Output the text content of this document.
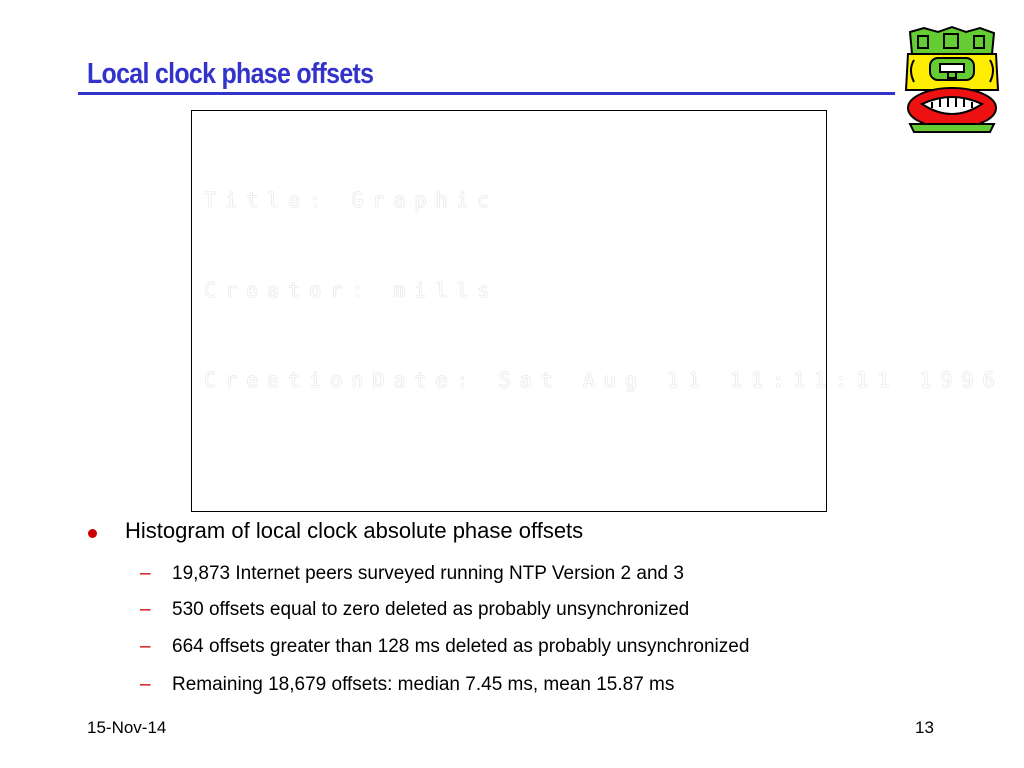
Local clock phase offsets

Title: Graphic

Creator: mills

CreationDate: Sat Aug 11 11:11:11 1996

Histogram of local clock absolute phase offsets
– 19,873 Internet peers surveyed running NTP Version 2 and 3
– 530 offsets equal to zero deleted as probably unsynchronized
– 664 offsets greater than 128 ms deleted as probably unsynchronized
– Remaining 18,679 offsets: median 7.45 ms, mean 15.87 ms
15-Nov-14	13
